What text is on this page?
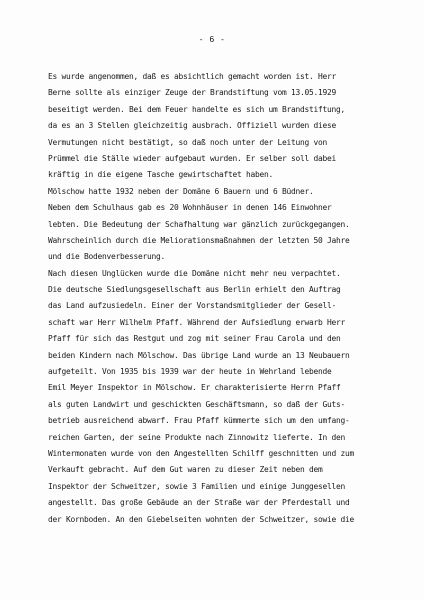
- 6 -
Es wurde angenommen, daß es absichtlich gemacht worden ist. Herr
Berne sollte als einziger Zeuge der Brandstiftung vom 13.05.1929
beseitigt werden. Bei dem Feuer handelte es sich um Brandstiftung,
da es an 3 Stellen gleichzeitig ausbrach. Offiziell wurden diese
Vermutungen nicht bestätigt, so daß noch unter der Leitung von
Prümmel die Ställe wieder aufgebaut wurden. Er selber soll dabei
kräftig in die eigene Tasche gewirtschaftet haben.
Mölschow hatte 1932 neben der Domäne 6 Bauern und 6 Büdner.
Neben dem Schulhaus gab es 20 Wohnhäuser in denen 146 Einwohner
lebten. Die Bedeutung der Schafhaltung war gänzlich zurückgegangen.
Wahrscheinlich durch die Meliorationsmaßnahmen der letzten 50 Jahre
und die Bodenverbesserung.
Nach diesen Unglücken wurde die Domäne nicht mehr neu verpachtet.
Die deutsche Siedlungsgesellschaft aus Berlin erhielt den Auftrag
das Land aufzusiedeln. Einer der Vorstandsmitglieder der Gesell-
schaft war Herr Wilhelm Pfaff. Während der Aufsiedlung erwarb Herr
Pfaff für sich das Restgut und zog mit seiner Frau Carola und den
beiden Kindern nach Mölschow. Das übrige Land wurde an 13 Neubauern
aufgeteilt. Von 1935 bis 1939 war der heute in Wehrland lebende
Emil Meyer Inspektor in Mölschow. Er charakterisierte Herrn Pfaff
als guten Landwirt und geschickten Geschäftsmann, so daß der Guts-
betrieb ausreichend abwarf. Frau Pfaff kümmerte sich um den umfang-
reichen Garten, der seine Produkte nach Zinnowitz lieferte. In den
Wintermonaten wurde von den Angestellten Schilff geschnitten und zum
Verkauft gebracht. Auf dem Gut waren zu dieser Zeit neben dem
Inspektor der Schweitzer, sowie 3 Familien und einige Junggesellen
angestellt. Das große Gebäude an der Straße war der Pferdestall und
der Kornboden. An den Giebelseiten wohnten der Schweitzer, sowie die
